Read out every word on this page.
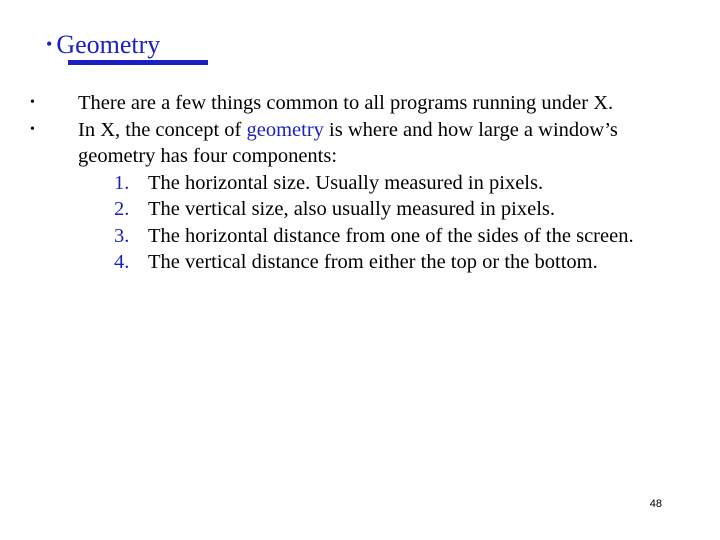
• Geometry
• There are a few things common to all programs running under X.
• In X, the concept of geometry is where and how large a window’s geometry has four components:
1. The horizontal size. Usually measured in pixels.
2. The vertical size, also usually measured in pixels.
3. The horizontal distance from one of the sides of the screen.
4. The vertical distance from either the top or the bottom.
48
